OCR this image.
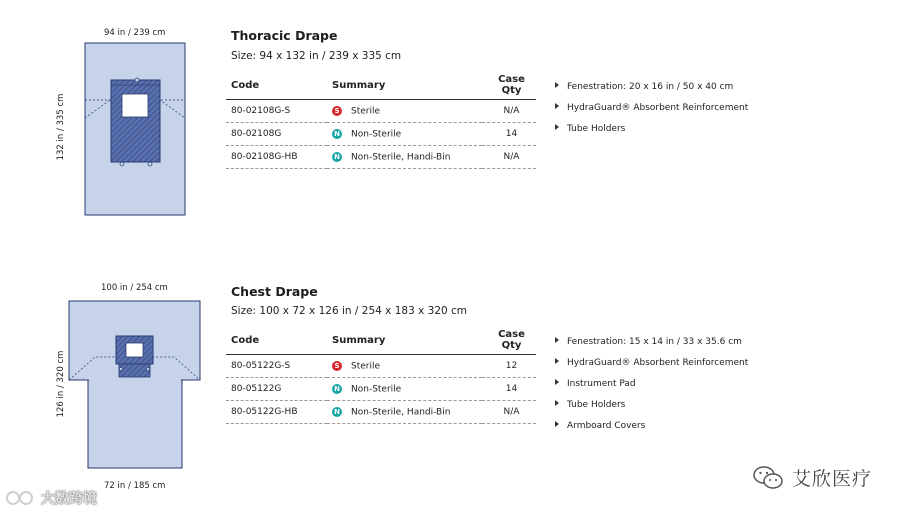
94 in / 239 cm
132 in / 335 cm
Thoracic Drape
Size: 94 x 132 in / 239 x 335 cm
Code	Summary	Case Qty
80-02108G-S	S Sterile	N/A
80-02108G	N Non-Sterile	14
80-02108G-HB	N Non-Sterile, Handi-Bin	N/A
Fenestration: 20 x 16 in / 50 x 40 cm
HydraGuard® Absorbent Reinforcement
Tube Holders
100 in / 254 cm
126 in / 320 cm
72 in / 185 cm
Chest Drape
Size: 100 x 72 x 126 in / 254 x 183 x 320 cm
Code	Summary	Case Qty
80-05122G-S	S Sterile	12
80-05122G	N Non-Sterile	14
80-05122G-HB	N Non-Sterile, Handi-Bin	N/A
Fenestration: 15 x 14 in / 33 x 35.6 cm
HydraGuard® Absorbent Reinforcement
Instrument Pad
Tube Holders
Armboard Covers
大数跨境
艾欣医疗
